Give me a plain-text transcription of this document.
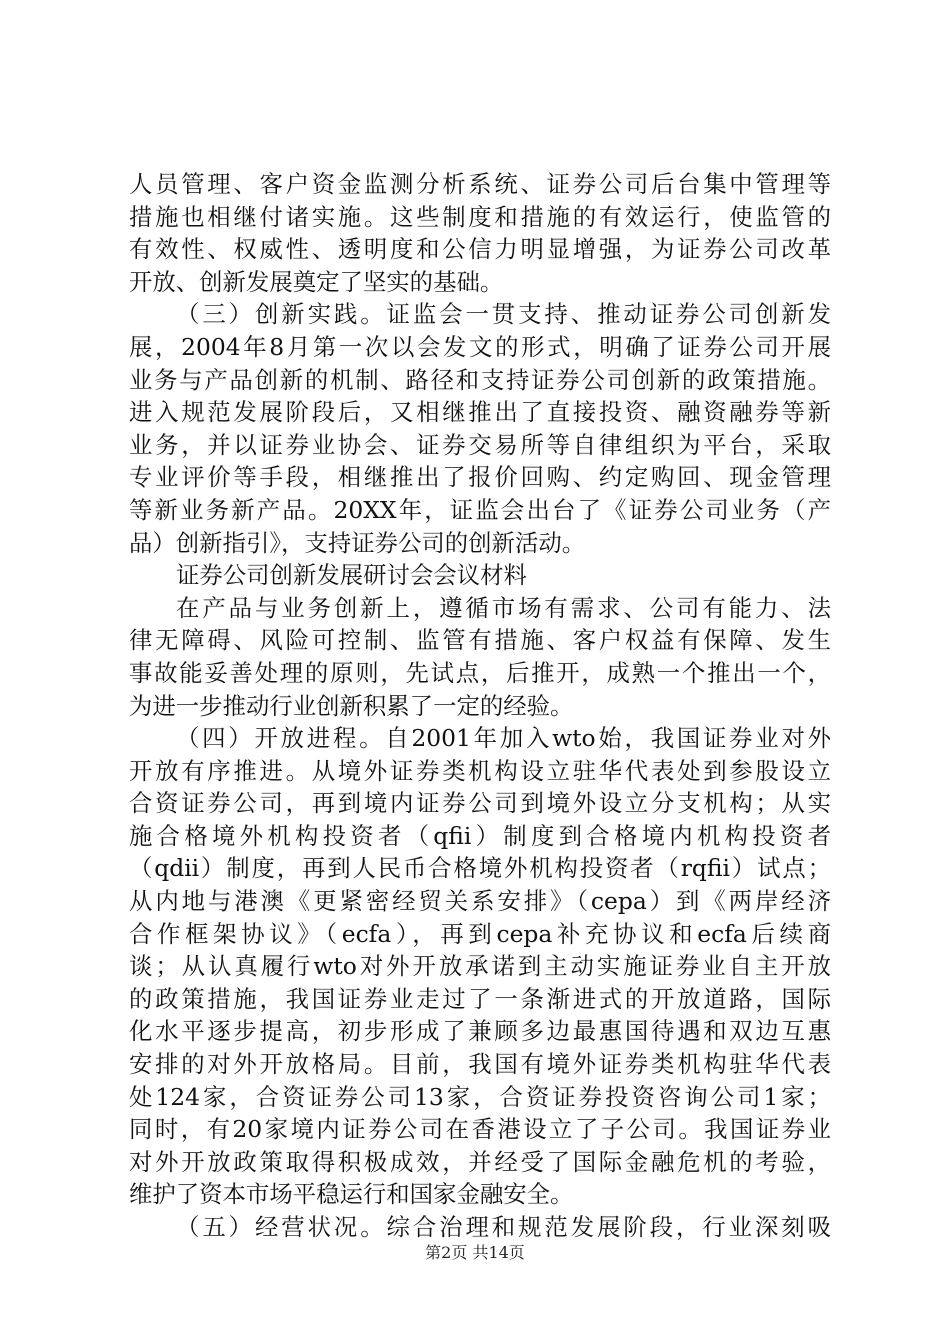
人员管理、客户资金监测分析系统、证券公司后台集中管理等
措施也相继付诸实施。这些制度和措施的有效运行，使监管的
有效性、权威性、透明度和公信力明显增强，为证券公司改革
开放、创新发展奠定了坚实的基础。
（三）创新实践。证监会一贯支持、推动证券公司创新发
展，2004年8月第一次以会发文的形式，明确了证券公司开展
业务与产品创新的机制、路径和支持证券公司创新的政策措施。
进入规范发展阶段后，又相继推出了直接投资、融资融券等新
业务，并以证券业协会、证券交易所等自律组织为平台，采取
专业评价等手段，相继推出了报价回购、约定购回、现金管理
等新业务新产品。20XX年，证监会出台了《证券公司业务（产
品）创新指引》，支持证券公司的创新活动。
证券公司创新发展研讨会会议材料
在产品与业务创新上，遵循市场有需求、公司有能力、法
律无障碍、风险可控制、监管有措施、客户权益有保障、发生
事故能妥善处理的原则，先试点，后推开，成熟一个推出一个，
为进一步推动行业创新积累了一定的经验。
（四）开放进程。自2001年加入wto始，我国证券业对外
开放有序推进。从境外证券类机构设立驻华代表处到参股设立
合资证券公司，再到境内证券公司到境外设立分支机构；从实
施合格境外机构投资者（qfii）制度到合格境内机构投资者
（qdii）制度，再到人民币合格境外机构投资者（rqfii）试点；
从内地与港澳《更紧密经贸关系安排》（cepa）到《两岸经济
合作框架协议》（ecfa），再到cepa补充协议和ecfa后续商
谈；从认真履行wto对外开放承诺到主动实施证券业自主开放
的政策措施，我国证券业走过了一条渐进式的开放道路，国际
化水平逐步提高，初步形成了兼顾多边最惠国待遇和双边互惠
安排的对外开放格局。目前，我国有境外证券类机构驻华代表
处124家，合资证券公司13家，合资证券投资咨询公司1家；
同时，有20家境内证券公司在香港设立了子公司。我国证券业
对外开放政策取得积极成效，并经受了国际金融危机的考验，
维护了资本市场平稳运行和国家金融安全。
（五）经营状况。综合治理和规范发展阶段，行业深刻吸
第2页 共14页
